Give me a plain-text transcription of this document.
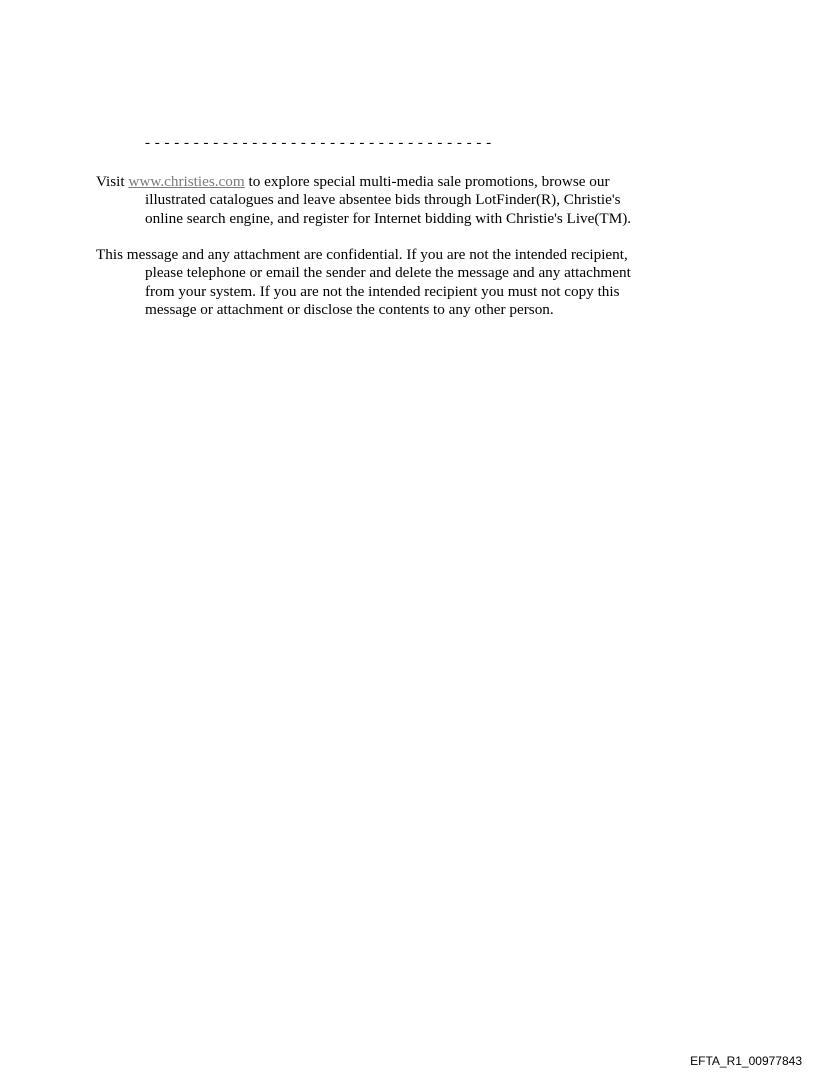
- - - - - - - - - - - - - - - - - - - - - - - - - - - - - - - - - - - -
Visit www.christies.com to explore special multi-media sale promotions, browse our
illustrated catalogues and leave absentee bids through LotFinder(R), Christie's
online search engine, and register for Internet bidding with Christie's Live(TM).
This message and any attachment are confidential. If you are not the intended recipient,
please telephone or email the sender and delete the message and any attachment
from your system. If you are not the intended recipient you must not copy this
message or attachment or disclose the contents to any other person.
EFTA_R1_00977843
